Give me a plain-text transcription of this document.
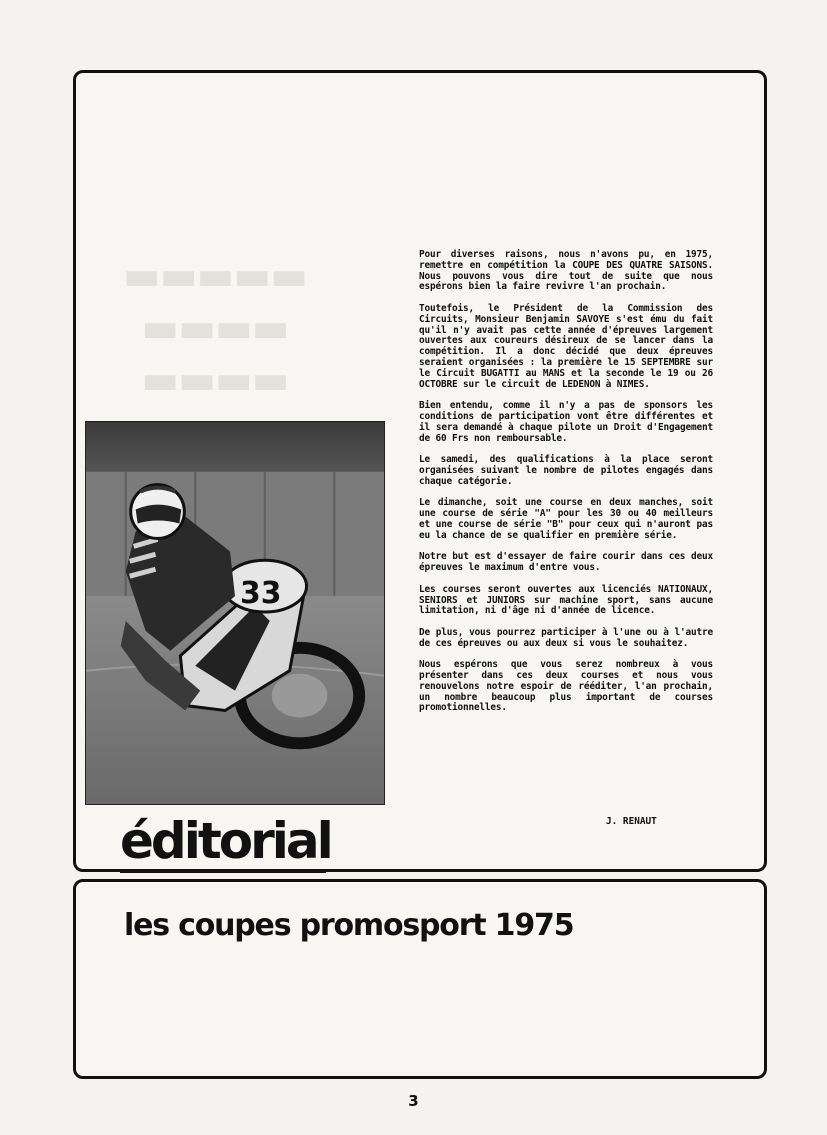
▬▬▬▬▬
▬▬▬▬
▬▬▬▬
33

Pour diverses raisons, nous n'avons pu, en 1975, remettre en compétition la COUPE DES QUATRE SAISONS. Nous pouvons vous dire tout de suite que nous espérons bien la faire revivre l'an prochain.

Toutefois, le Président de la Commission des Circuits, Monsieur Benjamin SAVOYE s'est ému du fait qu'il n'y avait pas cette année d'épreuves largement ouvertes aux coureurs désireux de se lancer dans la compétition. Il a donc décidé que deux épreuves seraient organisées : la première le 15 SEPTEMBRE sur le Circuit BUGATTI au MANS et la seconde le 19 ou 26 OCTOBRE sur le circuit de LEDENON à NIMES.

Bien entendu, comme il n'y a pas de sponsors les conditions de participation vont être différentes et il sera demandé à chaque pilote un Droit d'Engagement de 60 Frs non remboursable.

Le samedi, des qualifications à la place seront organisées suivant le nombre de pilotes engagés dans chaque catégorie.

Le dimanche, soit une course en deux manches, soit une course de série "A" pour les 30 ou 40 meilleurs et une course de série "B" pour ceux qui n'auront pas eu la chance de se qualifier en première série.

Notre but est d'essayer de faire courir dans ces deux épreuves le maximum d'entre vous.

Les courses seront ouvertes aux licenciés NATIONAUX, SENIORS et JUNIORS sur machine sport, sans aucune limitation, ni d'âge ni d'année de licence.

De plus, vous pourrez participer à l'une ou à l'autre de ces épreuves ou aux deux si vous le souhaitez.

Nous espérons que vous serez nombreux à vous présenter dans ces deux courses et nous vous renouvelons notre espoir de rééditer, l'an prochain, un nombre beaucoup plus important de courses promotionnelles.

J. RENAUT
éditorial
les coupes promosport 1975
3
